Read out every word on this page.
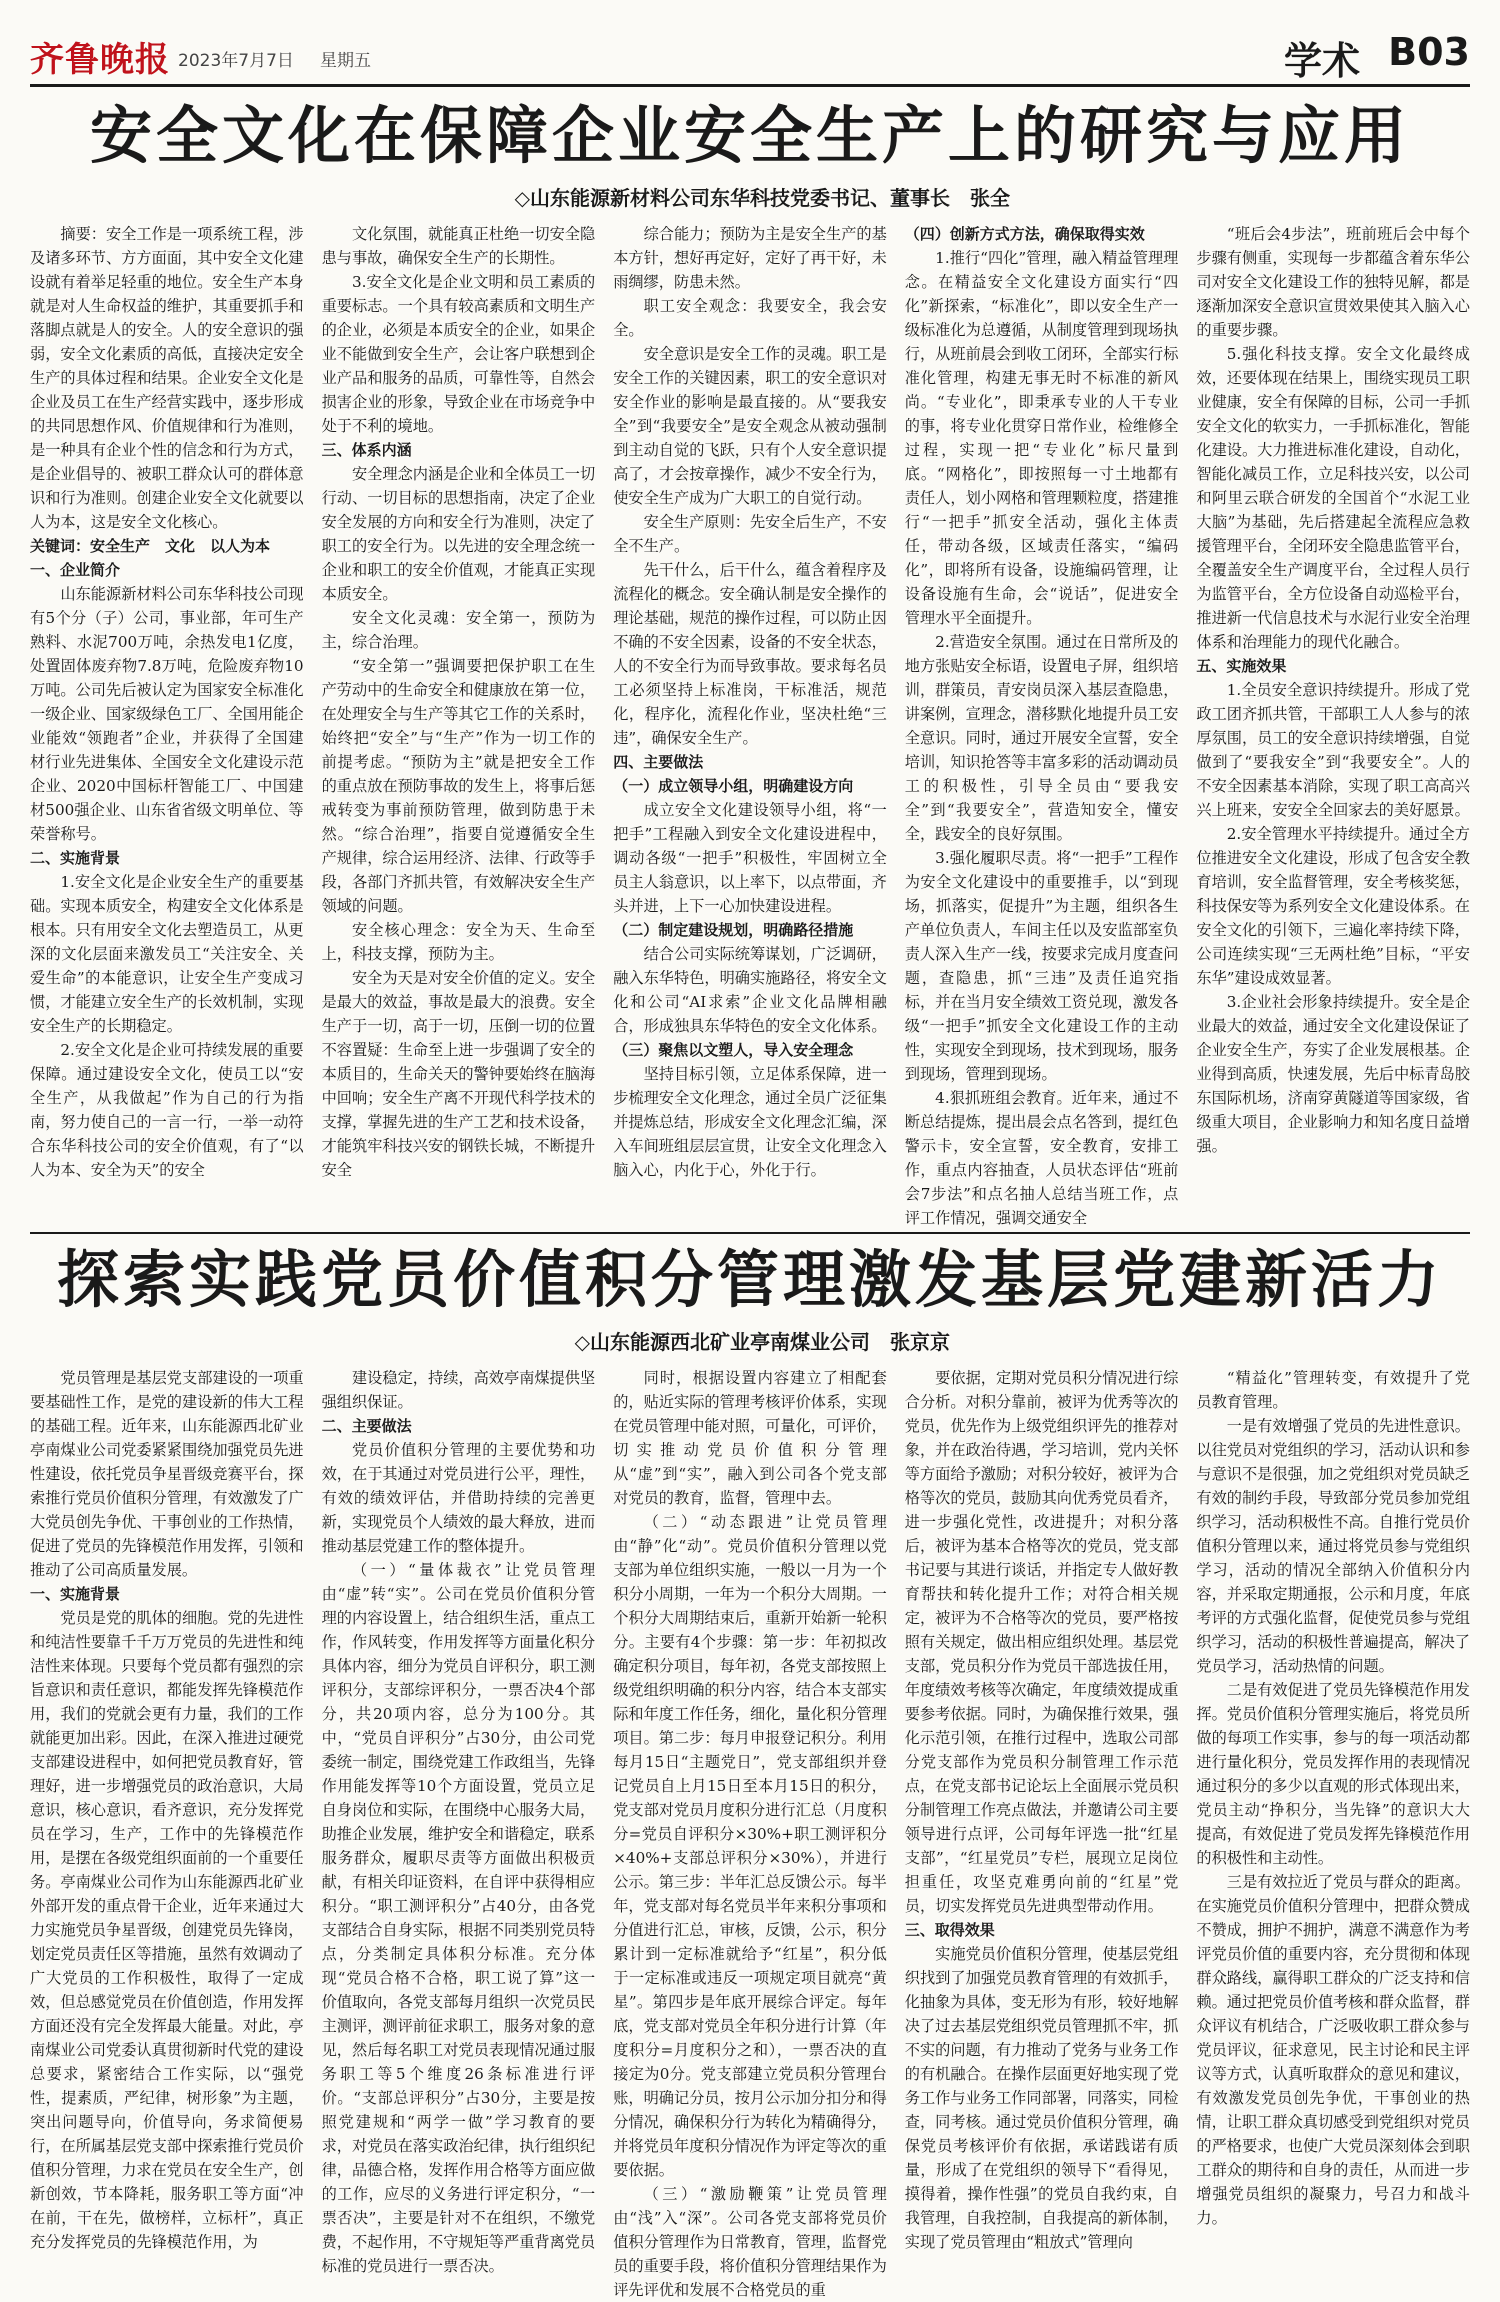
齐鲁晚报 2023年7月7日 星期五	学术 B03
安全文化在保障企业安全生产上的研究与应用
◇山东能源新材料公司东华科技党委书记、董事长　张全

摘要：安全工作是一项系统工程，涉及诸多环节、方方面面，其中安全文化建设就有着举足轻重的地位。安全生产本身就是对人生命权益的维护，其重要抓手和落脚点就是人的安全。人的安全意识的强弱，安全文化素质的高低，直接决定安全生产的具体过程和结果。企业安全文化是企业及员工在生产经营实践中，逐步形成的共同思想作风、价值规律和行为准则，是一种具有企业个性的信念和行为方式，是企业倡导的、被职工群众认可的群体意识和行为准则。创建企业安全文化就要以人为本，这是安全文化核心。

关键词：安全生产　文化　以人为本

一、企业简介

山东能源新材料公司东华科技公司现有5个分（子）公司，事业部，年可生产熟料、水泥700万吨，余热发电1亿度，处置固体废弃物7.8万吨，危险废弃物10万吨。公司先后被认定为国家安全标准化一级企业、国家级绿色工厂、全国用能企业能效“领跑者”企业，并获得了全国建材行业先进集体、全国安全文化建设示范企业、2020中国标杆智能工厂、中国建材500强企业、山东省省级文明单位、等荣誉称号。

二、实施背景

1.安全文化是企业安全生产的重要基础。实现本质安全，构建安全文化体系是根本。只有用安全文化去塑造员工，从更深的文化层面来激发员工“关注安全、关爱生命”的本能意识，让安全生产变成习惯，才能建立安全生产的长效机制，实现安全生产的长期稳定。

2.安全文化是企业可持续发展的重要保障。通过建设安全文化，使员工以“安全生产，从我做起”作为自己的行为指南，努力使自己的一言一行，一举一动符合东华科技公司的安全价值观，有了“以人为本、安全为天”的安全

文化氛围，就能真正杜绝一切安全隐患与事故，确保安全生产的长期性。

3.安全文化是企业文明和员工素质的重要标志。一个具有较高素质和文明生产的企业，必须是本质安全的企业，如果企业不能做到安全生产，会让客户联想到企业产品和服务的品质，可靠性等，自然会损害企业的形象，导致企业在市场竞争中处于不利的境地。

三、体系内涵

安全理念内涵是企业和全体员工一切行动、一切目标的思想指南，决定了企业安全发展的方向和安全行为准则，决定了职工的安全行为。以先进的安全理念统一企业和职工的安全价值观，才能真正实现本质安全。

安全文化灵魂：安全第一，预防为主，综合治理。

“安全第一”强调要把保护职工在生产劳动中的生命安全和健康放在第一位，在处理安全与生产等其它工作的关系时，始终把“安全”与“生产”作为一切工作的前提考虑。“预防为主”就是把安全工作的重点放在预防事故的发生上，将事后惩戒转变为事前预防管理，做到防患于未然。“综合治理”，指要自觉遵循安全生产规律，综合运用经济、法律、行政等手段，各部门齐抓共管，有效解决安全生产领域的问题。

安全核心理念：安全为天、生命至上，科技支撑，预防为主。

安全为天是对安全价值的定义。安全是最大的效益，事故是最大的浪费。安全生产于一切，高于一切，压倒一切的位置不容置疑：生命至上进一步强调了安全的本质目的，生命关天的警钟要始终在脑海中回响；安全生产离不开现代科学技术的支撑，掌握先进的生产工艺和技术设备，才能筑牢科技兴安的钢铁长城，不断提升安全

综合能力；预防为主是安全生产的基本方针，想好再定好，定好了再干好，未雨绸缪，防患未然。

职工安全观念：我要安全，我会安全。

安全意识是安全工作的灵魂。职工是安全工作的关键因素，职工的安全意识对安全作业的影响是最直接的。从“要我安全”到“我要安全”是安全观念从被动强制到主动自觉的飞跃，只有个人安全意识提高了，才会按章操作，减少不安全行为，使安全生产成为广大职工的自觉行动。

安全生产原则：先安全后生产，不安全不生产。

先干什么，后干什么，蕴含着程序及流程化的概念。安全确认制是安全操作的理论基础，规范的操作过程，可以防止因不确的不安全因素，设备的不安全状态，人的不安全行为而导致事故。要求每名员工必须坚持上标准岗，干标准活，规范化，程序化，流程化作业，坚决杜绝“三违”，确保安全生产。

四、主要做法

（一）成立领导小组，明确建设方向

成立安全文化建设领导小组，将“一把手”工程融入到安全文化建设进程中，调动各级“一把手”积极性，牢固树立全员主人翁意识，以上率下，以点带面，齐头并进，上下一心加快建设进程。

（二）制定建设规划，明确路径措施

结合公司实际统筹谋划，广泛调研，融入东华特色，明确实施路径，将安全文化和公司“AI求索”企业文化品牌相融合，形成独具东华特色的安全文化体系。

（三）聚焦以文塑人，导入安全理念

坚持目标引领，立足体系保障，进一步梳理安全文化理念，通过全员广泛征集并提炼总结，形成安全文化理念汇编，深入车间班组层层宣贯，让安全文化理念入脑入心，内化于心，外化于行。

（四）创新方式方法，确保取得实效

1.推行“四化”管理，融入精益管理理念。在精益安全文化建设方面实行“四化”新探索，“标准化”，即以安全生产一级标准化为总遵循，从制度管理到现场执行，从班前晨会到收工闭环，全部实行标准化管理，构建无事无时不标准的新风尚。“专业化”，即秉承专业的人干专业的事，将专业化贯穿日常作业，检维修全过程，实现一把“专业化”标尺量到底。“网格化”，即按照每一寸土地都有责任人，划小网格和管理颗粒度，搭建推行“一把手”抓安全活动，强化主体责任，带动各级，区域责任落实，“编码化”，即将所有设备，设施编码管理，让设备设施有生命，会“说话”，促进安全管理水平全面提升。

2.营造安全氛围。通过在日常所及的地方张贴安全标语，设置电子屏，组织培训，群策员，青安岗员深入基层查隐患，讲案例，宣理念，潜移默化地提升员工安全意识。同时，通过开展安全宣誓，安全培训，知识抢答等丰富多彩的活动调动员工的积极性，引导全员由“要我安全”到“我要安全”，营造知安全，懂安全，践安全的良好氛围。

3.强化履职尽责。将“一把手”工程作为安全文化建设中的重要推手，以“到现场，抓落实，促提升”为主题，组织各生产单位负责人，车间主任以及安监部室负责人深入生产一线，按要求完成月度查问题，查隐患，抓“三违”及责任追究指标，并在当月安全绩效工资兑现，激发各级“一把手”抓安全文化建设工作的主动性，实现安全到现场，技术到现场，服务到现场，管理到现场。

4.狠抓班组会教育。近年来，通过不断总结提炼，提出晨会点名答到，提红色警示卡，安全宣誓，安全教育，安排工作，重点内容抽查，人员状态评估“班前会7步法”和点名抽人总结当班工作，点评工作情况，强调交通安全

“班后会4步法”，班前班后会中每个步骤有侧重，实现每一步都蕴含着东华公司对安全文化建设工作的独特见解，都是逐渐加深安全意识宣贯效果使其入脑入心的重要步骤。

5.强化科技支撑。安全文化最终成效，还要体现在结果上，围绕实现员工职业健康，安全有保障的目标，公司一手抓安全文化的软实力，一手抓标准化，智能化建设。大力推进标准化建设，自动化，智能化减员工作，立足科技兴安，以公司和阿里云联合研发的全国首个“水泥工业大脑”为基础，先后搭建起全流程应急救援管理平台，全闭环安全隐患监管平台，全覆盖安全生产调度平台，全过程人员行为监管平台，全方位设备自动巡检平台，推进新一代信息技术与水泥行业安全治理体系和治理能力的现代化融合。

五、实施效果

1.全员安全意识持续提升。形成了党政工团齐抓共管，干部职工人人参与的浓厚氛围，员工的安全意识持续增强，自觉做到了“要我安全”到“我要安全”。人的不安全因素基本消除，实现了职工高高兴兴上班来，安安全全回家去的美好愿景。

2.安全管理水平持续提升。通过全方位推进安全文化建设，形成了包含安全教育培训，安全监督管理，安全考核奖惩，科技保安等为系列安全文化建设体系。在安全文化的引领下，三遍化率持续下降，公司连续实现“三无两杜绝”目标，“平安东华”建设成效显著。

3.企业社会形象持续提升。安全是企业最大的效益，通过安全文化建设保证了企业安全生产，夯实了企业发展根基。企业得到高质，快速发展，先后中标青岛胶东国际机场，济南穿黄隧道等国家级，省级重大项目，企业影响力和知名度日益增强。

探索实践党员价值积分管理激发基层党建新活力
◇山东能源西北矿业亭南煤业公司　张京京

党员管理是基层党支部建设的一项重要基础性工作，是党的建设新的伟大工程的基础工程。近年来，山东能源西北矿业亭南煤业公司党委紧紧围绕加强党员先进性建设，依托党员争星晋级竞赛平台，探索推行党员价值积分管理，有效激发了广大党员创先争优、干事创业的工作热情，促进了党员的先锋模范作用发挥，引领和推动了公司高质量发展。

一、实施背景

党员是党的肌体的细胞。党的先进性和纯洁性要靠千千万万党员的先进性和纯洁性来体现。只要每个党员都有强烈的宗旨意识和责任意识，都能发挥先锋模范作用，我们的党就会更有力量，我们的工作就能更加出彩。因此，在深入推进过硬党支部建设进程中，如何把党员教育好，管理好，进一步增强党员的政治意识，大局意识，核心意识，看齐意识，充分发挥党员在学习，生产，工作中的先锋模范作用，是摆在各级党组织面前的一个重要任务。亭南煤业公司作为山东能源西北矿业外部开发的重点骨干企业，近年来通过大力实施党员争星晋级，创建党员先锋岗，划定党员责任区等措施，虽然有效调动了广大党员的工作积极性，取得了一定成效，但总感觉党员在价值创造，作用发挥方面还没有完全发挥最大能量。对此，亭南煤业公司党委认真贯彻新时代党的建设总要求，紧密结合工作实际，以“强党性，提素质，严纪律，树形象”为主题，突出问题导向，价值导向，务求简便易行，在所属基层党支部中探索推行党员价值积分管理，力求在党员在安全生产，创新创效，节本降耗，服务职工等方面“冲在前，干在先，做榜样，立标杆”，真正充分发挥党员的先锋模范作用，为

建设稳定，持续，高效亭南煤提供坚强组织保证。

二、主要做法

党员价值积分管理的主要优势和功效，在于其通过对党员进行公平，理性，有效的绩效评估，并借助持续的完善更新，实现党员个人绩效的最大释放，进而推动基层党建工作的整体提升。

（一）“量体裁衣”让党员管理由“虚”转“实”。公司在党员价值积分管理的内容设置上，结合组织生活，重点工作，作风转变，作用发挥等方面量化积分具体内容，细分为党员自评积分，职工测评积分，支部综评积分，一票否决4个部分，共20项内容，总分为100分。其中，“党员自评积分”占30分，由公司党委统一制定，围绕党建工作政组当，先锋作用能发挥等10个方面设置，党员立足自身岗位和实际，在围绕中心服务大局，助推企业发展，维护安全和谐稳定，联系服务群众，履职尽责等方面做出积极贡献，有相关印证资料，在自评中获得相应积分。“职工测评积分”占40分，由各党支部结合自身实际，根据不同类别党员特点，分类制定具体积分标准。充分体现“党员合格不合格，职工说了算”这一价值取向，各党支部每月组织一次党员民主测评，测评前征求职工，服务对象的意见，然后每名职工对党员表现情况通过服务职工等5个维度26条标准进行评价。“支部总评积分”占30分，主要是按照党建规和“两学一做”学习教育的要求，对党员在落实政治纪律，执行组织纪律，品德合格，发挥作用合格等方面应做的工作，应尽的义务进行评定积分，“一票否决”，主要是针对不在组织，不缴党费，不起作用，不守规矩等严重背离党员标准的党员进行一票否决。

同时，根据设置内容建立了相配套的，贴近实际的管理考核评价体系，实现在党员管理中能对照，可量化，可评价，切实推动党员价值积分管理从“虚”到“实”，融入到公司各个党支部对党员的教育，监督，管理中去。

（二）“动态跟进”让党员管理由“静”化“动”。党员价值积分管理以党支部为单位组织实施，一般以一月为一个积分小周期，一年为一个积分大周期。一个积分大周期结束后，重新开始新一轮积分。主要有4个步骤：第一步：年初拟改确定积分项目，每年初，各党支部按照上级党组织明确的积分内容，结合本支部实际和年度工作任务，细化，量化积分管理项目。第二步：每月申报登记积分。利用每月15日“主题党日”，党支部组织并登记党员自上月15日至本月15日的积分，党支部对党员月度积分进行汇总（月度积分=党员自评积分×30%+职工测评积分×40%+支部总评积分×30%），并进行公示。第三步：半年汇总反馈公示。每半年，党支部对每名党员半年来积分事项和分值进行汇总，审核，反馈，公示，积分累计到一定标准就给予“红星”，积分低于一定标准或违反一项规定项目就亮“黄星”。第四步是年底开展综合评定。每年底，党支部对党员全年积分进行计算（年度积分=月度积分之和），一票否决的直接定为0分。党支部建立党员积分管理台账，明确记分员，按月公示加分扣分和得分情况，确保积分行为转化为精确得分，并将党员年度积分情况作为评定等次的重要依据。

（三）“激励鞭策”让党员管理由“浅”入“深”。公司各党支部将党员价值积分管理作为日常教育，管理，监督党员的重要手段，将价值积分管理结果作为评先评优和发展不合格党员的重

要依据，定期对党员积分情况进行综合分析。对积分靠前，被评为优秀等次的党员，优先作为上级党组织评先的推荐对象，并在政治待遇，学习培训，党内关怀等方面给予激励；对积分较好，被评为合格等次的党员，鼓励其向优秀党员看齐，进一步强化党性，改进提升；对积分落后，被评为基本合格等次的党员，党支部书记要与其进行谈话，并指定专人做好教育帮扶和转化提升工作；对符合相关规定，被评为不合格等次的党员，要严格按照有关规定，做出相应组织处理。基层党支部，党员积分作为党员干部选拔任用，年度绩效考核等次确定，年度绩效提成重要参考依据。同时，为确保推行效果，强化示范引领，在推行过程中，选取公司部分党支部作为党员积分制管理工作示范点，在党支部书记论坛上全面展示党员积分制管理工作亮点做法，并邀请公司主要领导进行点评，公司每年评选一批“红星支部”，“红星党员”专栏，展现立足岗位担重任，攻坚克难勇向前的“红星”党员，切实发挥党员先进典型带动作用。

三、取得效果

实施党员价值积分管理，使基层党组织找到了加强党员教育管理的有效抓手，化抽象为具体，变无形为有形，较好地解决了过去基层党组织党员管理抓不牢，抓不实的问题，有力推动了党务与业务工作的有机融合。在操作层面更好地实现了党务工作与业务工作同部署，同落实，同检查，同考核。通过党员价值积分管理，确保党员考核评价有依据，承诺践诺有质量，形成了在党组织的领导下“看得见，摸得着，操作性强”的党员自我约束，自我管理，自我控制，自我提高的新体制，实现了党员管理由“粗放式”管理向

“精益化”管理转变，有效提升了党员教育管理。

一是有效增强了党员的先进性意识。以往党员对党组织的学习，活动认识和参与意识不是很强，加之党组织对党员缺乏有效的制约手段，导致部分党员参加党组织学习，活动积极性不高。自推行党员价值积分管理以来，通过将党员参与党组织学习，活动的情况全部纳入价值积分内容，并采取定期通报，公示和月度，年底考评的方式强化监督，促使党员参与党组织学习，活动的积极性普遍提高，解决了党员学习，活动热情的问题。

二是有效促进了党员先锋模范作用发挥。党员价值积分管理实施后，将党员所做的每项工作实事，参与的每一项活动都进行量化积分，党员发挥作用的表现情况通过积分的多少以直观的形式体现出来，党员主动“挣积分，当先锋”的意识大大提高，有效促进了党员发挥先锋模范作用的积极性和主动性。

三是有效拉近了党员与群众的距离。在实施党员价值积分管理中，把群众赞成不赞成，拥护不拥护，满意不满意作为考评党员价值的重要内容，充分贯彻和体现群众路线，赢得职工群众的广泛支持和信赖。通过把党员价值考核和群众监督，群众评议有机结合，广泛吸收职工群众参与党员评议，征求意见，民主讨论和民主评议等方式，认真听取群众的意见和建议，有效激发党员创先争优，干事创业的热情，让职工群众真切感受到党组织对党员的严格要求，也使广大党员深刻体会到职工群众的期待和自身的责任，从而进一步增强党员组织的凝聚力，号召力和战斗力。
